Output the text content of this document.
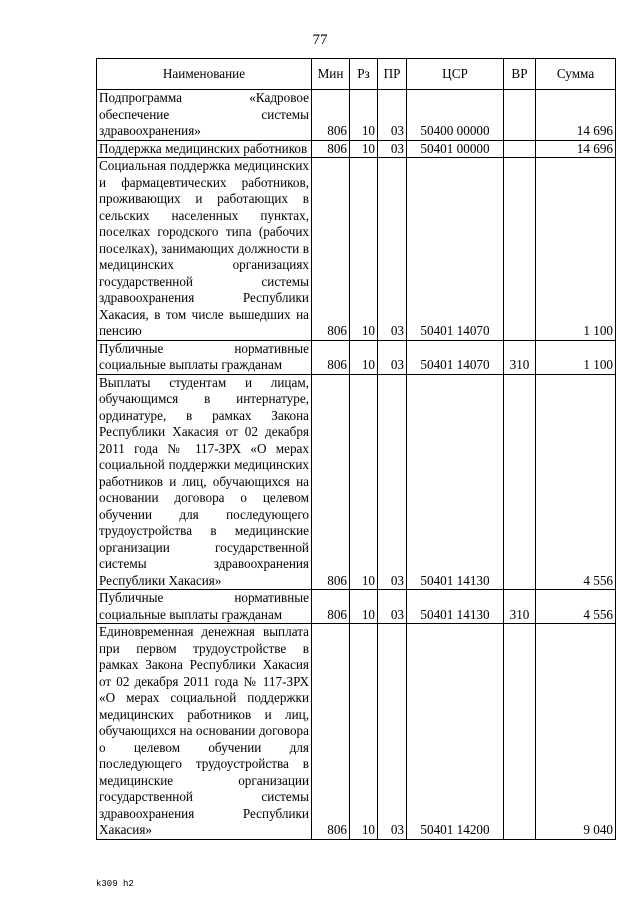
77
Наименование	Мин	Рз	ПР	ЦСР	ВР	Сумма
Подпрограмма «Кадровое обеспечение системы здравоохранения»	806	10	03	50400 00000		14 696
Поддержка медицинских работников	806	10	03	50401 00000		14 696
Социальная поддержка медицинских и фармацевтических работников, проживающих и работающих в сельских населенных пунктах, поселках городского типа (рабочих поселках), занимающих должности в медицинских организациях государственной системы здравоохранения Республики Хакасия, в том числе вышедших на пенсию	806	10	03	50401 14070		1 100
Публичные нормативные социальные выплаты гражданам	806	10	03	50401 14070	310	1 100
Выплаты студентам и лицам, обучающимся в интернатуре, ординатуре, в рамках Закона Республики Хакасия от 02 декабря 2011 года № 117-ЗРХ «О мерах социальной поддержки медицинских работников и лиц, обучающихся на основании договора о целевом обучении для последующего трудоустройства в медицинские организации государственной системы здравоохранения Республики Хакасия»	806	10	03	50401 14130		4 556
Публичные нормативные социальные выплаты гражданам	806	10	03	50401 14130	310	4 556
Единовременная денежная выплата при первом трудоустройстве в рамках Закона Республики Хакасия от 02 декабря 2011 года № 117-ЗРХ «О мерах социальной поддержки медицинских работников и лиц, обучающихся на основании договора о целевом обучении для последующего трудоустройства в медицинские организации государственной системы здравоохранения Республики Хакасия»	806	10	03	50401 14200		9 040
k309 h2
